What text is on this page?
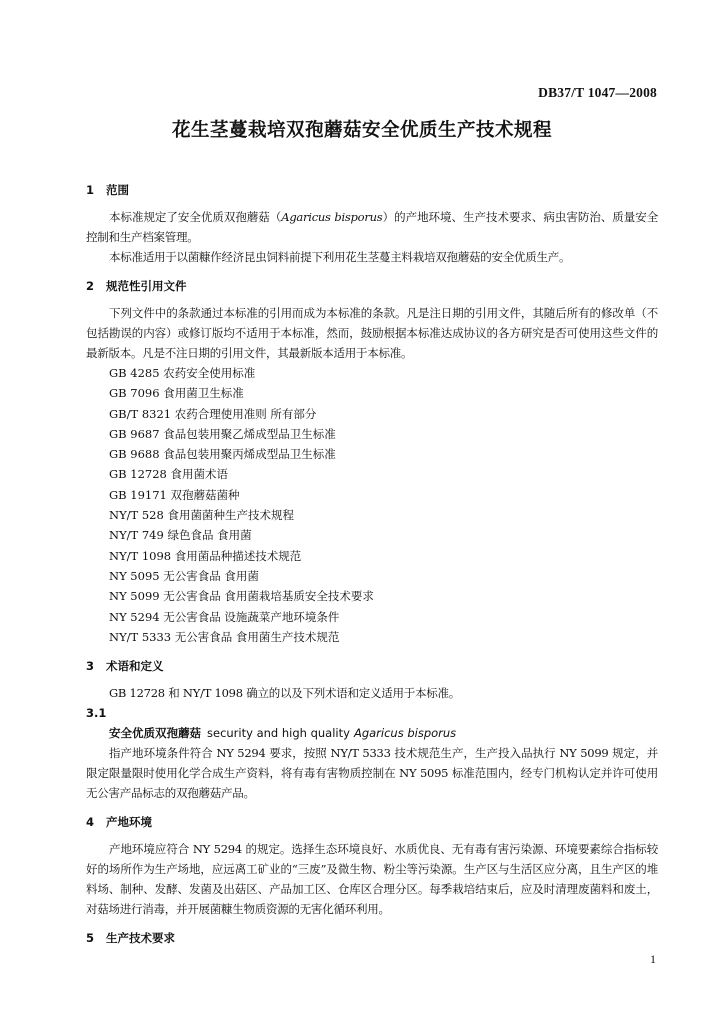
DB37/T 1047—2008
花生茎蔓栽培双孢蘑菇安全优质生产技术规程
1 范围
本标准规定了安全优质双孢蘑菇（Agaricus bisporus）的产地环境、生产技术要求、病虫害防治、质量安全控制和生产档案管理。
本标准适用于以菌糠作经济昆虫饲料前提下利用花生茎蔓主料栽培双孢蘑菇的安全优质生产。
2 规范性引用文件
下列文件中的条款通过本标准的引用而成为本标准的条款。凡是注日期的引用文件，其随后所有的修改单（不包括勘误的内容）或修订版均不适用于本标准，然而，鼓励根据本标准达成协议的各方研究是否可使用这些文件的最新版本。凡是不注日期的引用文件，其最新版本适用于本标准。
GB 4285 农药安全使用标准
GB 7096 食用菌卫生标准
GB/T 8321 农药合理使用准则 所有部分
GB 9687 食品包装用聚乙烯成型品卫生标准
GB 9688 食品包装用聚丙烯成型品卫生标准
GB 12728 食用菌术语
GB 19171 双孢蘑菇菌种
NY/T 528 食用菌菌种生产技术规程
NY/T 749 绿色食品 食用菌
NY/T 1098 食用菌品种描述技术规范
NY 5095 无公害食品 食用菌
NY 5099 无公害食品 食用菌栽培基质安全技术要求
NY 5294 无公害食品 设施蔬菜产地环境条件
NY/T 5333 无公害食品 食用菌生产技术规范
3 术语和定义
GB 12728 和 NY/T 1098 确立的以及下列术语和定义适用于本标准。
3.1
安全优质双孢蘑菇 security and high quality Agaricus bisporus
指产地环境条件符合 NY 5294 要求，按照 NY/T 5333 技术规范生产，生产投入品执行 NY 5099 规定，并限定限量限时使用化学合成生产资料，将有毒有害物质控制在 NY 5095 标准范围内，经专门机构认定并许可使用无公害产品标志的双孢蘑菇产品。
4 产地环境
产地环境应符合 NY 5294 的规定。选择生态环境良好、水质优良、无有毒有害污染源、环境要素综合指标较好的场所作为生产场地，应远离工矿业的“三废”及微生物、粉尘等污染源。生产区与生活区应分离，且生产区的堆料场、制种、发酵、发菌及出菇区、产品加工区、仓库区合理分区。每季栽培结束后，应及时清理废菌料和废土，对菇场进行消毒，并开展菌糠生物质资源的无害化循环利用。
5 生产技术要求
1
